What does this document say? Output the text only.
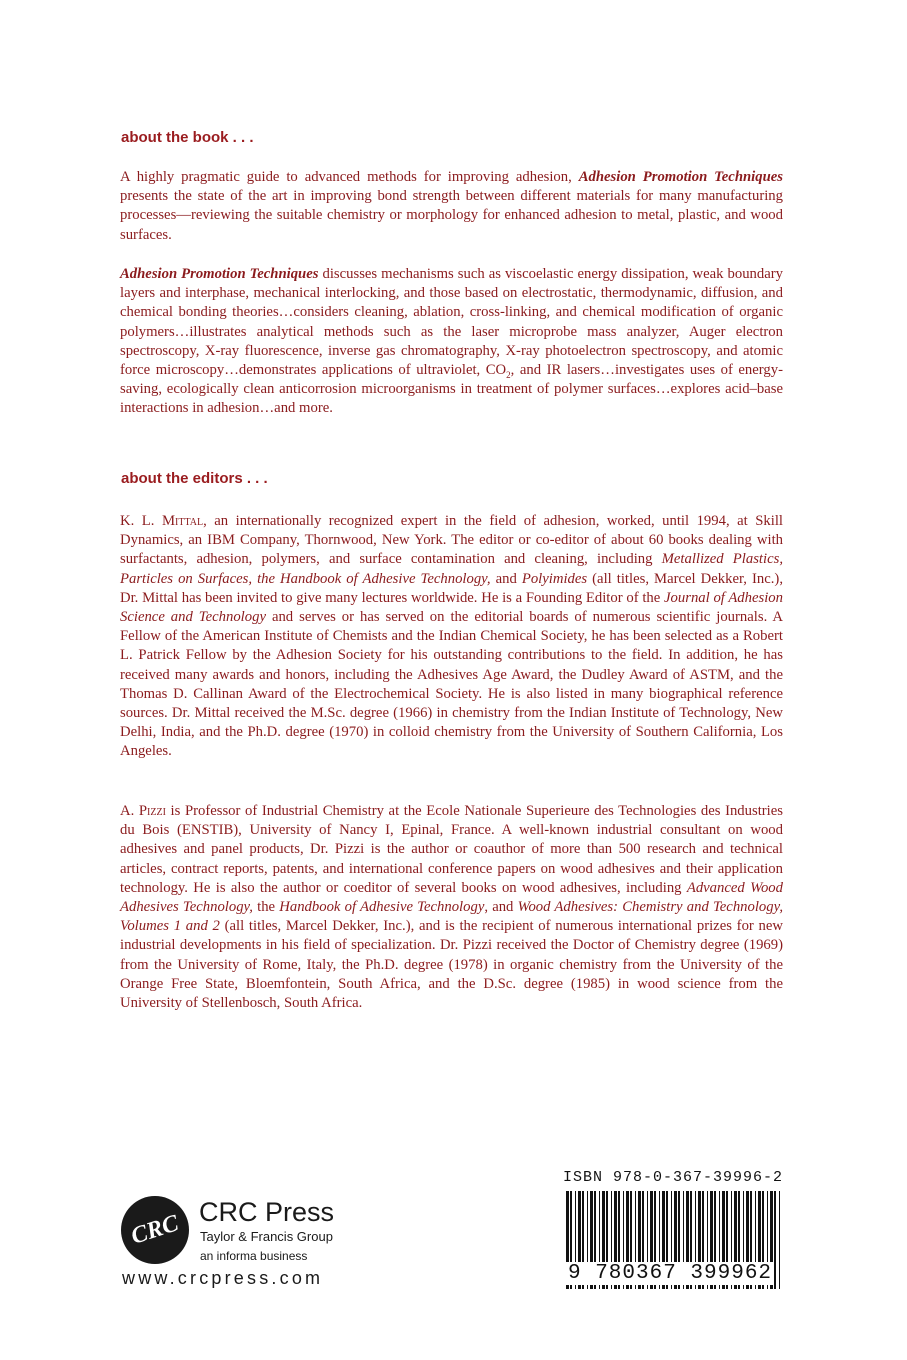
about the book . . .

A highly pragmatic guide to advanced methods for improving adhesion, Adhesion Promotion Techniques presents the state of the art in improving bond strength between different materials for many manufacturing processes—reviewing the suitable chemistry or morphology for enhanced adhesion to metal, plastic, and wood surfaces.

Adhesion Promotion Techniques discusses mechanisms such as viscoelastic energy dissipation, weak boundary layers and interphase, mechanical interlocking, and those based on electrostatic, thermodynamic, diffusion, and chemical bonding theories…considers cleaning, ablation, cross-linking, and chemical modification of organic polymers…illustrates analytical methods such as the laser microprobe mass analyzer, Auger electron spectroscopy, X-ray fluorescence, inverse gas chromatography, X-ray photoelectron spectroscopy, and atomic force microscopy…demonstrates applications of ultraviolet, $CO_2$, and IR lasers…investigates uses of energy-saving, ecologically clean anticorrosion microorganisms in treatment of polymer surfaces…explores acid–base interactions in adhesion…and more.

about the editors . . .

K. L. Mittal, an internationally recognized expert in the field of adhesion, worked, until 1994, at Skill Dynamics, an IBM Company, Thornwood, New York. The editor or co-editor of about 60 books dealing with surfactants, adhesion, polymers, and surface contamination and cleaning, including Metallized Plastics, Particles on Surfaces, the Handbook of Adhesive Technology, and Polyimides (all titles, Marcel Dekker, Inc.), Dr. Mittal has been invited to give many lectures worldwide. He is a Founding Editor of the Journal of Adhesion Science and Technology and serves or has served on the editorial boards of numerous scientific journals. A Fellow of the American Institute of Chemists and the Indian Chemical Society, he has been selected as a Robert L. Patrick Fellow by the Adhesion Society for his outstanding contributions to the field. In addition, he has received many awards and honors, including the Adhesives Age Award, the Dudley Award of ASTM, and the Thomas D. Callinan Award of the Electrochemical Society. He is also listed in many biographical reference sources. Dr. Mittal received the M.Sc. degree (1966) in chemistry from the Indian Institute of Technology, New Delhi, India, and the Ph.D. degree (1970) in colloid chemistry from the University of Southern California, Los Angeles.

A. Pizzi is Professor of Industrial Chemistry at the Ecole Nationale Superieure des Technologies des Industries du Bois (ENSTIB), University of Nancy I, Epinal, France. A well-known industrial consultant on wood adhesives and panel products, Dr. Pizzi is the author or coauthor of more than 500 research and technical articles, contract reports, patents, and international conference papers on wood adhesives and their application technology. He is also the author or coeditor of several books on wood adhesives, including Advanced Wood Adhesives Technology, the Handbook of Adhesive Technology, and Wood Adhesives: Chemistry and Technology, Volumes 1 and 2 (all titles, Marcel Dekker, Inc.), and is the recipient of numerous international prizes for new industrial developments in his field of specialization. Dr. Pizzi received the Doctor of Chemistry degree (1969) from the University of Rome, Italy, the Ph.D. degree (1978) in organic chemistry from the University of the Orange Free State, Bloemfontein, South Africa, and the D.Sc. degree (1985) in wood science from the University of Stellenbosch, South Africa.

CRC CRC Press
Taylor & Francis Group
an informa business
www.crcpress.com
ISBN 978-0-367-39996-2
9 780367 399962
